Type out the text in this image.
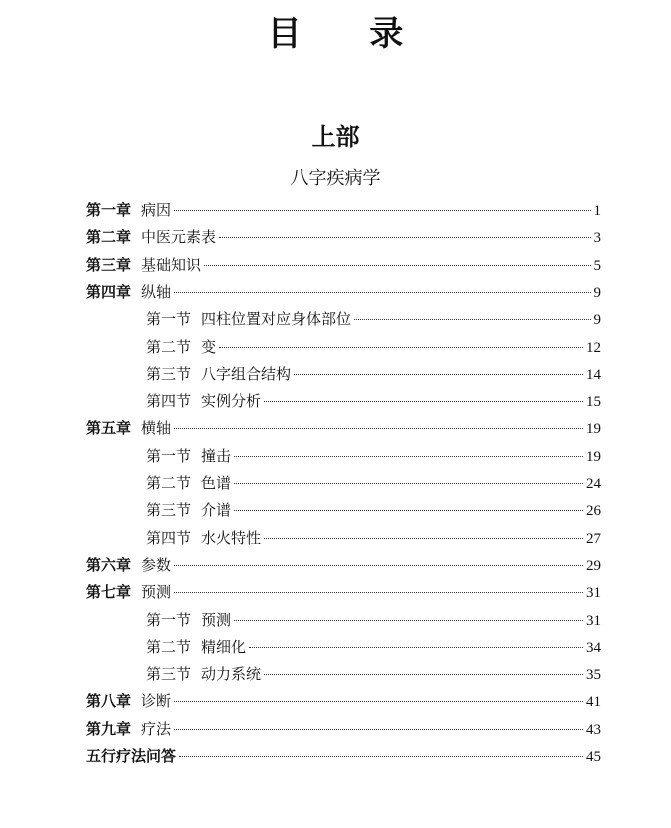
目 录
上部
八字疾病学
第一章 病因	1
第二章 中医元素表	3
第三章 基础知识	5
第四章 纵轴	9
第一节 四柱位置对应身体部位	9
第二节 变	12
第三节 八字组合结构	14
第四节 实例分析	15
第五章 横轴	19
第一节 撞击	19
第二节 色谱	24
第三节 介谱	26
第四节 水火特性	27
第六章 参数	29
第七章 预测	31
第一节 预测	31
第二节 精细化	34
第三节 动力系统	35
第八章 诊断	41
第九章 疗法	43
五行疗法问答	45
